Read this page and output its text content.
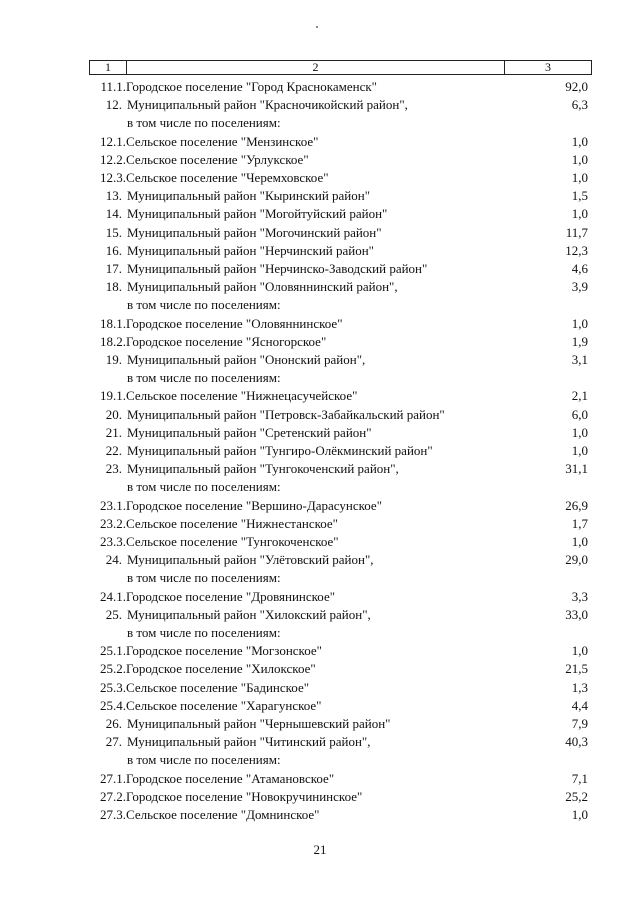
1	2	3
11.1. Городское поселение "Город Краснокаменск"	92,0
12. Муниципальный район "Красночикойский район",	6,3
в том числе по поселениям:
12.1. Сельское поселение "Мензинское"	1,0
12.2. Сельское поселение "Урлукское"	1,0
12.3. Сельское поселение "Черемховское"	1,0
13. Муниципальный район "Кыринский район"	1,5
14. Муниципальный район "Могойтуйский район"	1,0
15. Муниципальный район "Могочинский район"	11,7
16. Муниципальный район "Нерчинский район"	12,3
17. Муниципальный район "Нерчинско-Заводский район"	4,6
18. Муниципальный район "Оловяннинский район",	3,9
в том числе по поселениям:
18.1. Городское поселение "Оловяннинское"	1,0
18.2. Городское поселение "Ясногорское"	1,9
19. Муниципальный район "Ононский район",	3,1
в том числе по поселениям:
19.1. Сельское поселение "Нижнецасучейское"	2,1
20. Муниципальный район "Петровск-Забайкальский район"	6,0
21. Муниципальный район "Сретенский район"	1,0
22. Муниципальный район "Тунгиро-Олёкминский район"	1,0
23. Муниципальный район "Тунгокоченский район",	31,1
в том числе по поселениям:
23.1. Городское поселение "Вершино-Дарасунское"	26,9
23.2. Сельское поселение "Нижнестанское"	1,7
23.3. Сельское поселение "Тунгокоченское"	1,0
24. Муниципальный район "Улётовский район",	29,0
в том числе по поселениям:
24.1. Городское поселение "Дровянинское"	3,3
25. Муниципальный район "Хилокский район",	33,0
в том числе по поселениям:
25.1. Городское поселение "Могзонское"	1,0
25.2. Городское поселение "Хилокское"	21,5
25.3. Сельское поселение "Бадинское"	1,3
25.4. Сельское поселение "Харагунское"	4,4
26. Муниципальный район "Чернышевский район"	7,9
27. Муниципальный район "Читинский район",	40,3
в том числе по поселениям:
27.1. Городское поселение "Атамановское"	7,1
27.2. Городское поселение "Новокручининское"	25,2
27.3. Сельское поселение "Домнинское"	1,0
21
